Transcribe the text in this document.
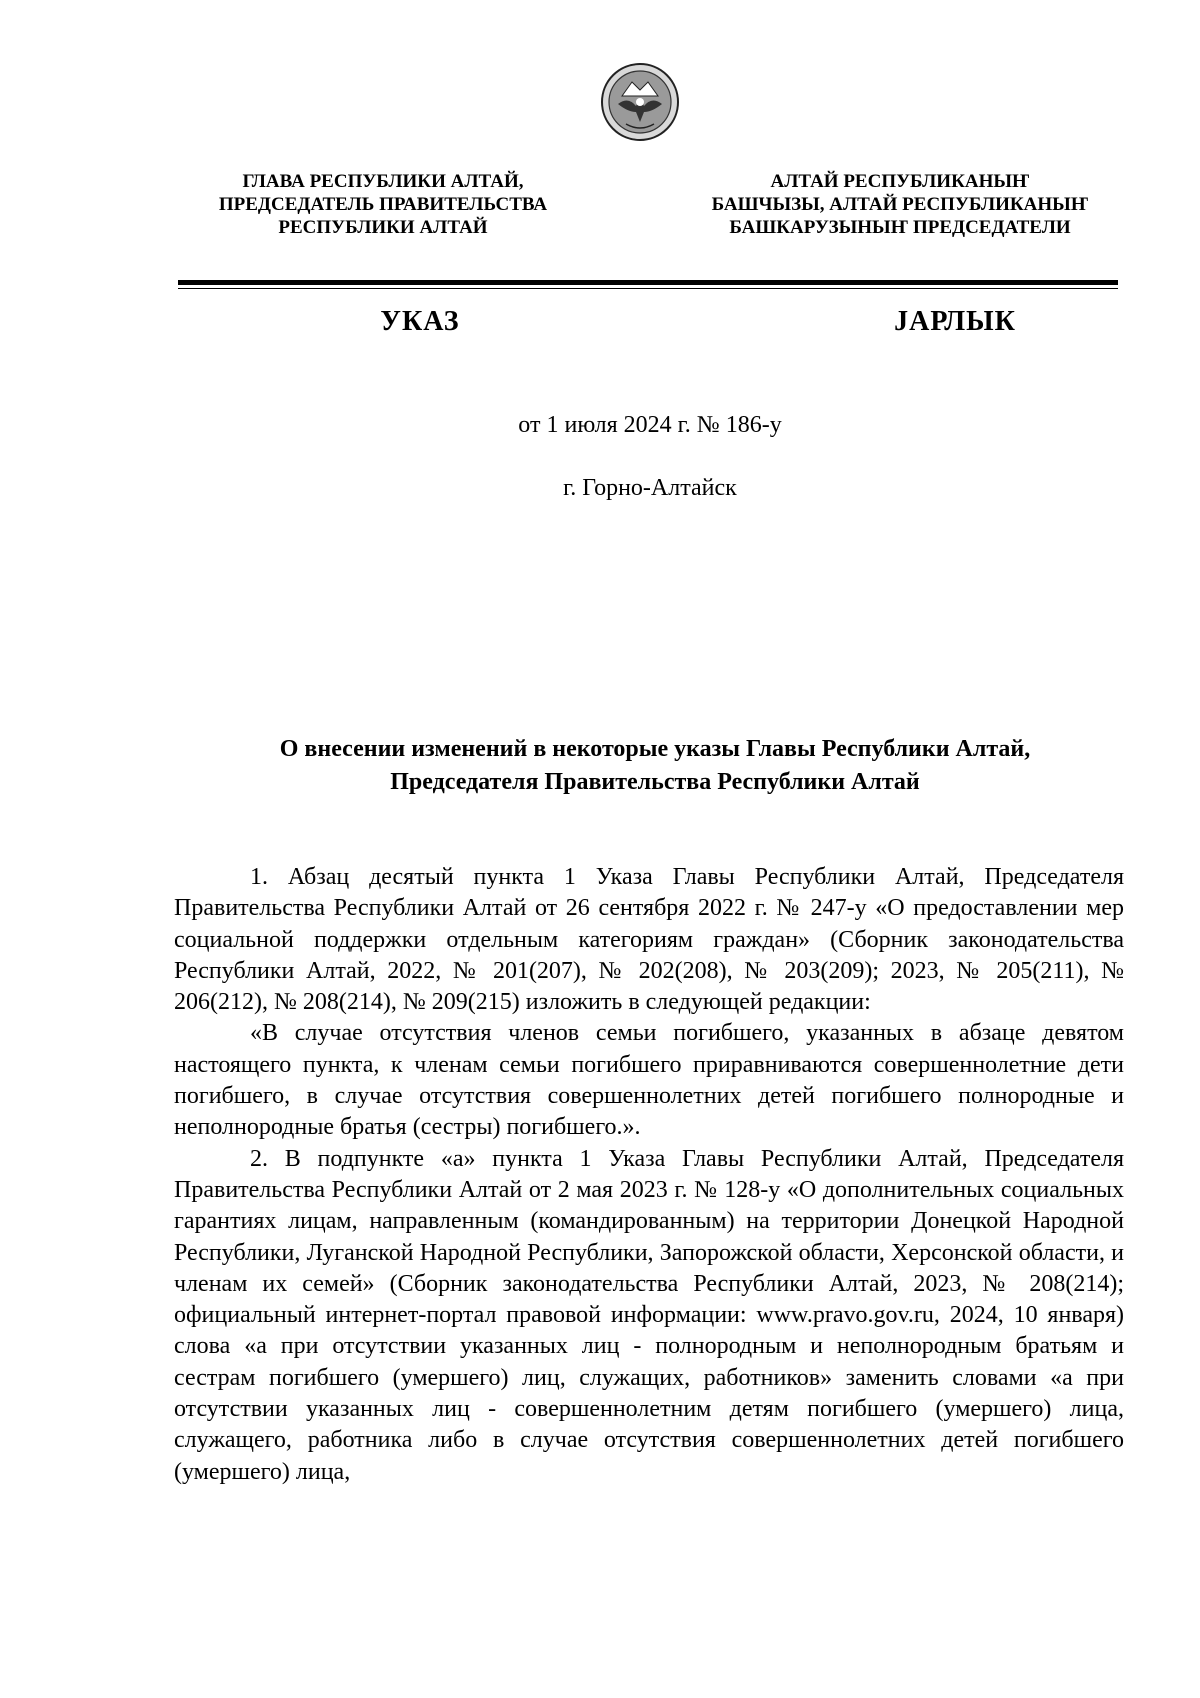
ГЛАВА РЕСПУБЛИКИ АЛТАЙ,
ПРЕДСЕДАТЕЛЬ ПРАВИТЕЛЬСТВА
РЕСПУБЛИКИ АЛТАЙ
АЛТАЙ РЕСПУБЛИКАНЫҤ
БАШЧЫЗЫ, АЛТАЙ РЕСПУБЛИКАНЫҤ
БАШКАРУЗЫНЫҤ ПРЕДСЕДАТЕЛИ
УКАЗ	ЈАРЛЫК
от 1 июля 2024 г. № 186-у
г. Горно-Алтайск
О внесении изменений в некоторые указы Главы Республики Алтай,
Председателя Правительства Республики Алтай

1. Абзац десятый пункта 1 Указа Главы Республики Алтай, Председателя Правительства Республики Алтай от 26 сентября 2022 г. № 247-у «О предоставлении мер социальной поддержки отдельным категориям граждан» (Сборник законодательства Республики Алтай, 2022, № 201(207), № 202(208), № 203(209); 2023, № 205(211), № 206(212), № 208(214), № 209(215) изложить в следующей редакции:

«В случае отсутствия членов семьи погибшего, указанных в абзаце девятом настоящего пункта, к членам семьи погибшего приравниваются совершеннолетние дети погибшего, в случае отсутствия совершеннолетних детей погибшего полнородные и неполнородные братья (сестры) погибшего.».

2. В подпункте «а» пункта 1 Указа Главы Республики Алтай, Председателя Правительства Республики Алтай от 2 мая 2023 г. № 128-у «О дополнительных социальных гарантиях лицам, направленным (командированным) на территории Донецкой Народной Республики, Луганской Народной Республики, Запорожской области, Херсонской области, и членам их семей» (Сборник законодательства Республики Алтай, 2023, № 208(214); официальный интернет-портал правовой информации: www.pravo.gov.ru, 2024, 10 января) слова «а при отсутствии указанных лиц - полнородным и неполнородным братьям и сестрам погибшего (умершего) лиц, служащих, работников» заменить словами «а при отсутствии указанных лиц - совершеннолетним детям погибшего (умершего) лица, служащего, работника либо в случае отсутствия совершеннолетних детей погибшего (умершего) лица,
